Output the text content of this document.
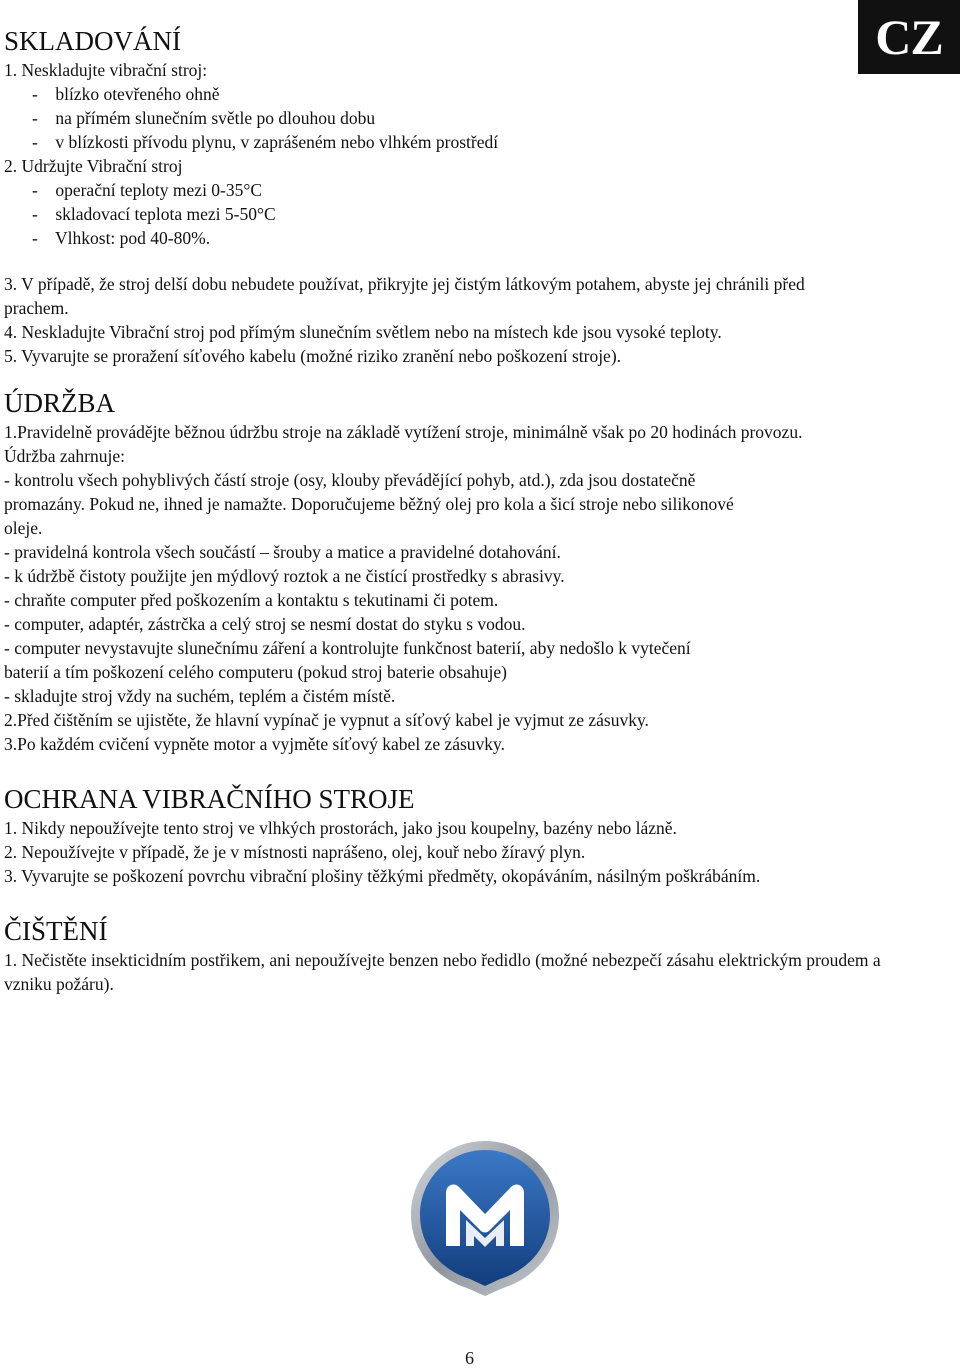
CZ
SKLADOVÁNÍ

1. Neskladujte vibrační stroj:

-    blízko otevřeného ohně

-    na přímém slunečním světle po dlouhou dobu

-    v blízkosti přívodu plynu, v zaprášeném nebo vlhkém prostředí

2. Udržujte Vibrační stroj

-    operační teploty mezi 0-35°C

-    skladovací teplota mezi 5-50°C

-    Vlhkost: pod 40-80%.

3. V případě, že stroj delší dobu nebudete používat, přikryjte jej čistým látkovým potahem, abyste jej chránili před prachem.

4. Neskladujte Vibrační stroj pod přímým slunečním světlem nebo na místech kde jsou vysoké teploty.

5. Vyvarujte se proražení síťového kabelu (možné riziko zranění nebo poškození stroje).

ÚDRŽBA

1.Pravidelně provádějte běžnou údržbu stroje na základě vytížení stroje, minimálně však po 20 hodinách provozu.

Údržba zahrnuje:

- kontrolu všech pohyblivých částí stroje (osy, klouby převádějící pohyb, atd.), zda jsou dostatečně promazány. Pokud ne, ihned je namažte. Doporučujeme běžný olej pro kola a šicí stroje nebo silikonové oleje.

- pravidelná kontrola všech součástí – šrouby a matice a pravidelné dotahování.

- k údržbě čistoty použijte jen mýdlový roztok a ne čistící prostředky s abrasivy.

- chraňte computer před poškozením a kontaktu s tekutinami či potem.

- computer, adaptér, zástrčka a celý stroj se nesmí dostat do styku s vodou.

- computer nevystavujte slunečnímu záření a kontrolujte funkčnost baterií, aby nedošlo k vytečení baterií a tím poškození celého computeru (pokud stroj baterie obsahuje)

- skladujte stroj vždy na suchém, teplém a čistém místě.

2.Před čištěním se ujistěte, že hlavní vypínač je vypnut a síťový kabel je vyjmut ze zásuvky.

3.Po každém cvičení vypněte motor a vyjměte síťový kabel ze zásuvky.

OCHRANA VIBRAČNÍHO STROJE

1. Nikdy nepoužívejte tento stroj ve vlhkých prostorách, jako jsou koupelny, bazény nebo lázně.

2. Nepoužívejte v případě, že je v místnosti naprášeno, olej, kouř nebo žíravý plyn.

3. Vyvarujte se poškození povrchu vibrační plošiny těžkými předměty, okopáváním, násilným poškrábáním.

ČIŠTĚNÍ

1. Nečistěte insekticidním postřikem, ani nepoužívejte benzen nebo ředidlo (možné nebezpečí zásahu elektrickým proudem a vzniku požáru).

6
